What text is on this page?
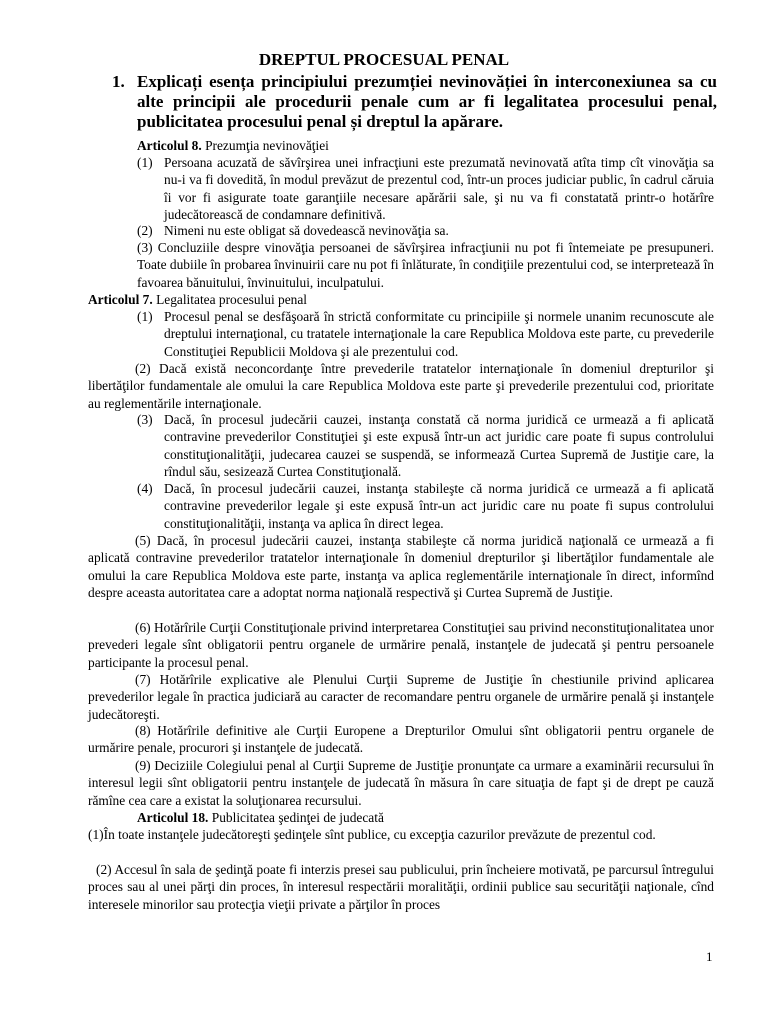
DREPTUL PROCESUAL PENAL
1. Explicați esența principiului prezumției nevinovăției în interconexiunea sa cu alte principii ale procedurii penale cum ar fi legalitatea procesului penal, publicitatea procesului penal și dreptul la apărare.
Articolul 8. Prezumţia nevinovăţiei
(1) Persoana acuzată de săvîrşirea unei infracţiuni este prezumată nevinovată atîta timp cît vinovăţia sa nu-i va fi dovedită, în modul prevăzut de prezentul cod, într-un proces judiciar public, în cadrul căruia îi vor fi asigurate toate garanţiile necesare apărării sale, şi nu va fi constatată printr-o hotărîre judecătorească de condamnare definitivă.
(2) Nimeni nu este obligat să dovedească nevinovăţia sa.
(3) Concluziile despre vinovăţia persoanei de săvîrşirea infracţiunii nu pot fi întemeiate pe presupuneri. Toate dubiile în probarea învinuirii care nu pot fi înlăturate, în condiţiile prezentului cod, se interpretează în favoarea bănuitului, învinuitului, inculpatului.
Articolul 7. Legalitatea procesului penal
(1) Procesul penal se desfăşoară în strictă conformitate cu principiile şi normele unanim recunoscute ale dreptului internaţional, cu tratatele internaţionale la care Republica Moldova este parte, cu prevederile Constituţiei Republicii Moldova şi ale prezentului cod.
(2) Dacă există neconcordanţe între prevederile tratatelor internaţionale în domeniul drepturilor şi libertăţilor fundamentale ale omului la care Republica Moldova este parte şi prevederile prezentului cod, prioritate au reglementările internaţionale.
(3) Dacă, în procesul judecării cauzei, instanţa constată că norma juridică ce urmează a fi aplicată contravine prevederilor Constituţiei şi este expusă într-un act juridic care poate fi supus controlului constituţionalităţii, judecarea cauzei se suspendă, se informează Curtea Supremă de Justiţie care, la rîndul său, sesizează Curtea Constituţională.
(4) Dacă, în procesul judecării cauzei, instanţa stabileşte că norma juridică ce urmează a fi aplicată contravine prevederilor legale şi este expusă într-un act juridic care nu poate fi supus controlului constituţionalităţii, instanţa va aplica în direct legea.
(5) Dacă, în procesul judecării cauzei, instanţa stabileşte că norma juridică naţională ce urmează a fi aplicată contravine prevederilor tratatelor internaţionale în domeniul drepturilor şi libertăţilor fundamentale ale omului la care Republica Moldova este parte, instanţa va aplica reglementările internaţionale în direct, informînd despre aceasta autoritatea care a adoptat norma naţională respectivă şi Curtea Supremă de Justiţie.
(6) Hotărîrile Curţii Constituţionale privind interpretarea Constituţiei sau privind neconstituţionalitatea unor prevederi legale sînt obligatorii pentru organele de urmărire penală, instanţele de judecată şi pentru persoanele participante la procesul penal.
(7) Hotărîrile explicative ale Plenului Curţii Supreme de Justiţie în chestiunile privind aplicarea prevederilor legale în practica judiciară au caracter de recomandare pentru organele de urmărire penală şi instanţele judecătoreşti.
(8) Hotărîrile definitive ale Curţii Europene a Drepturilor Omului sînt obligatorii pentru organele de urmărire penale, procurori şi instanţele de judecată.
(9) Deciziile Colegiului penal al Curţii Supreme de Justiţie pronunţate ca urmare a examinării recursului în interesul legii sînt obligatorii pentru instanţele de judecată în măsura în care situaţia de fapt şi de drept pe cauză rămîne cea care a existat la soluţionarea recursului.
Articolul 18. Publicitatea şedinţei de judecată
(1)În toate instanţele judecătoreşti şedinţele sînt publice, cu excepţia cazurilor prevăzute de prezentul cod.
(2) Accesul în sala de şedinţă poate fi interzis presei sau publicului, prin încheiere motivată, pe parcursul întregului proces sau al unei părţi din proces, în interesul respectării moralităţii, ordinii publice sau securităţii naţionale, cînd interesele minorilor sau protecţia vieţii private a părţilor în proces
1
